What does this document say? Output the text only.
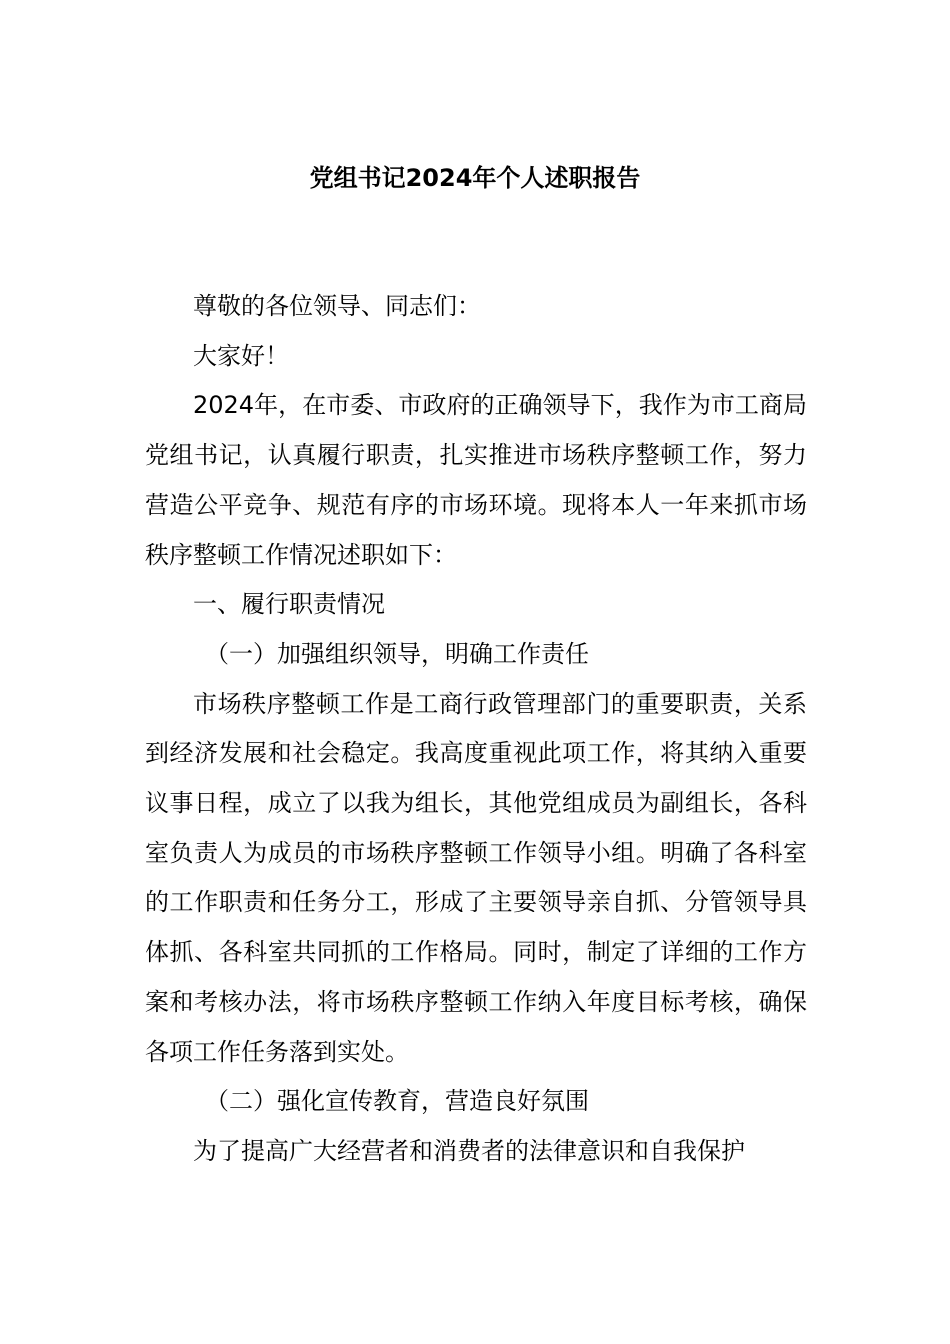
党组书记2024年个人述职报告

尊敬的各位领导、同志们：

大家好！

2024年，在市委、市政府的正确领导下，我作为市工商局党组书记，认真履行职责，扎实推进市场秩序整顿工作，努力营造公平竞争、规范有序的市场环境。现将本人一年来抓市场秩序整顿工作情况述职如下：

一、履行职责情况

（一）加强组织领导，明确工作责任

市场秩序整顿工作是工商行政管理部门的重要职责，关系到经济发展和社会稳定。我高度重视此项工作，将其纳入重要议事日程，成立了以我为组长，其他党组成员为副组长，各科室负责人为成员的市场秩序整顿工作领导小组。明确了各科室的工作职责和任务分工，形成了主要领导亲自抓、分管领导具体抓、各科室共同抓的工作格局。同时，制定了详细的工作方案和考核办法，将市场秩序整顿工作纳入年度目标考核，确保各项工作任务落到实处。

（二）强化宣传教育，营造良好氛围

为了提高广大经营者和消费者的法律意识和自我保护
